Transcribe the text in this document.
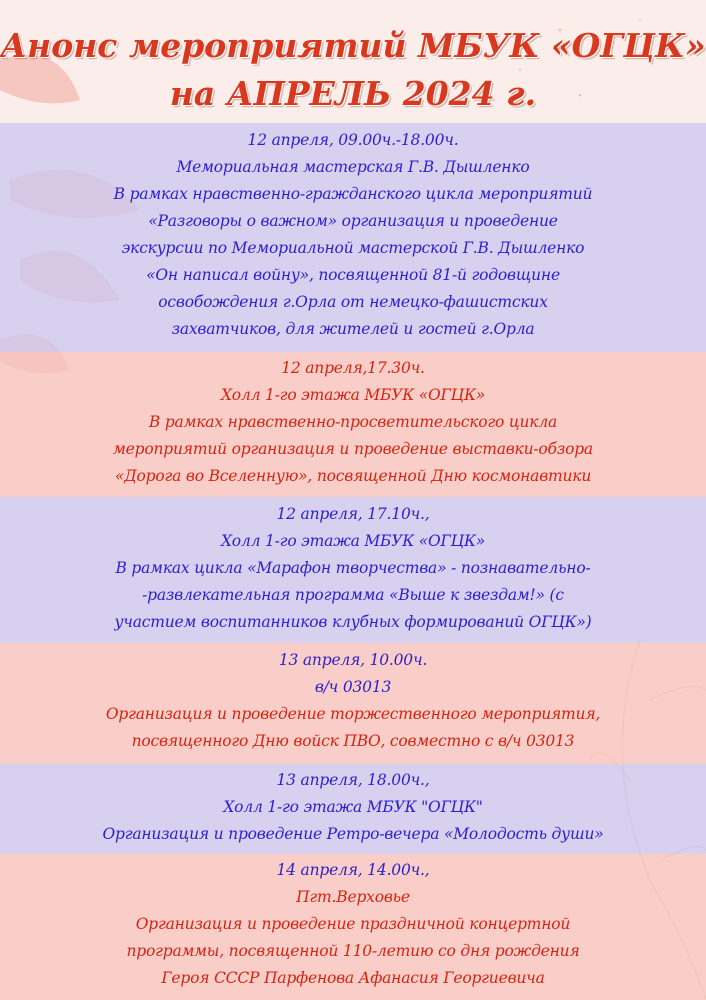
Анонс мероприятий МБУК «ОГЦК»
на АПРЕЛЬ 2024 г.
12 апреля, 09.00ч.-18.00ч.
Мемориальная мастерская Г.В. Дышленко
В рамках нравственно-гражданского цикла мероприятий
«Разговоры о важном» организация и проведение
экскурсии по Мемориальной мастерской Г.В. Дышленко
«Он написал войну», посвященной 81-й годовщине
освобождения г.Орла от немецко-фашистских
захватчиков, для жителей и гостей г.Орла
12 апреля,17.30ч.
Холл 1-го этажа МБУК «ОГЦК»
В рамках нравственно-просветительского цикла
мероприятий организация и проведение выставки-обзора
«Дорога во Вселенную», посвященной Дню космонавтики
12 апреля, 17.10ч.,
Холл 1-го этажа МБУК «ОГЦК»
В рамках цикла «Марафон творчества» - познавательно-
-развлекательная программа «Выше к звездам!» (с
участием воспитанников клубных формирований ОГЦК»)
13 апреля, 10.00ч.
в/ч 03013
Организация и проведение торжественного мероприятия,
посвященного Дню войск ПВО, совместно с в/ч 03013
13 апреля, 18.00ч.,
Холл 1-го этажа МБУК "ОГЦК"
Организация и проведение Ретро-вечера «Молодость души»
14 апреля, 14.00ч.,
Пгт.Верховье
Организация и проведение праздничной концертной
программы, посвященной 110-летию со дня рождения
Героя СССР Парфенова Афанасия Георгиевича
